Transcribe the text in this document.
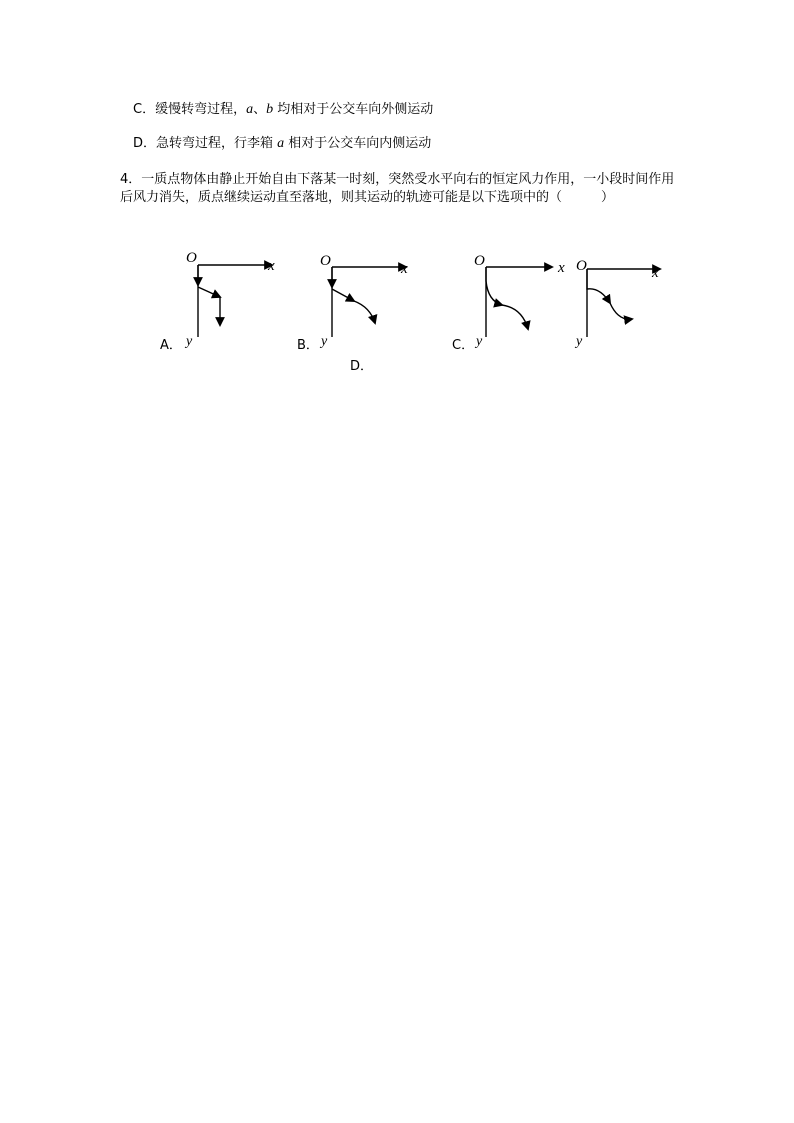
C．缓慢转弯过程，a、b 均相对于公交车向外侧运动
D．急转弯过程，行李箱 a 相对于公交车向内侧运动
4．一质点物体由静止开始自由下落某一时刻，突然受水平向右的恒定风力作用，一小段时间作用
后风力消失，质点继续运动直至落地，则其运动的轨迹可能是以下选项中的（　　　）
O	x
y
O	x
y
O	x
y
O	x
y
A．	B．	C．
D．
